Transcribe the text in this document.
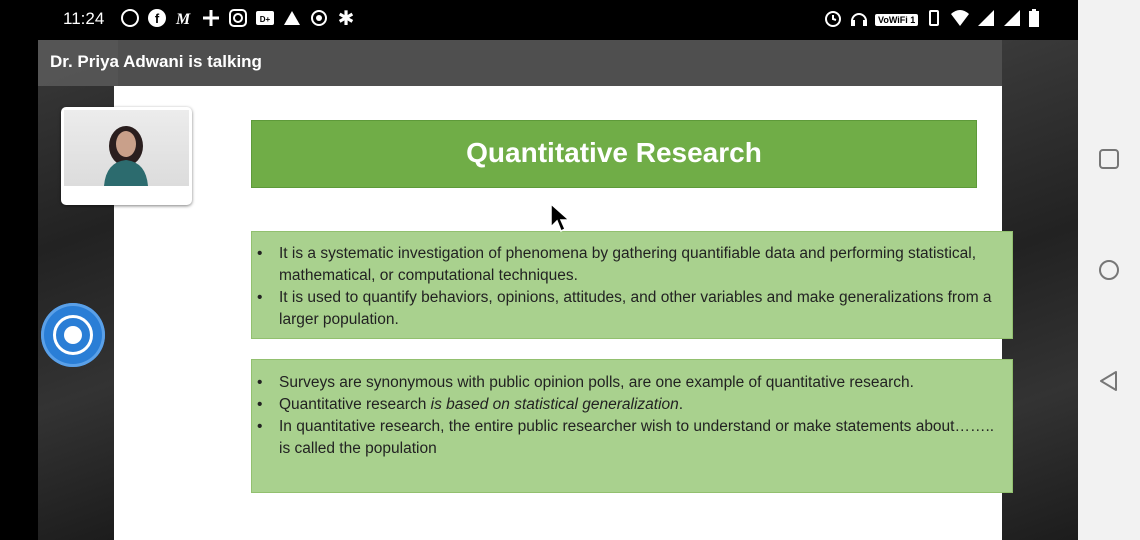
11:24	f M	D+	✱	VoWiFi 1
Quantitative Research
• It is a systematic investigation of phenomena by gathering quantifiable data and performing statistical, mathematical, or computational techniques.
• It is used to quantify behaviors, opinions, attitudes, and other variables and make generalizations from a larger population.
• Surveys are synonymous with public opinion polls, are one example of quantitative research.
• Quantitative research is based on statistical generalization.
• In quantitative research, the entire public researcher wish to understand or make statements about…….. is called the population
Dr. Priya Adwani is talking
